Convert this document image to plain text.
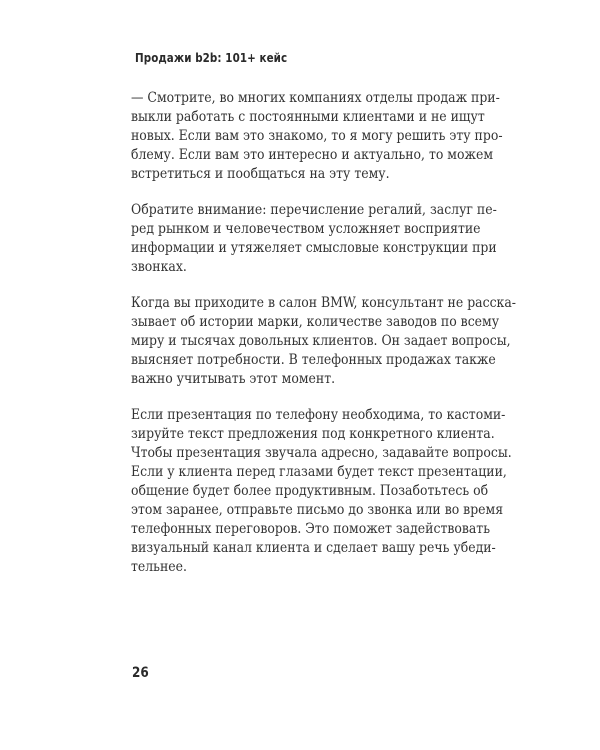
Продажи b2b: 101+ кейс

— Смотрите, во многих компаниях отделы продаж при-
выкли работать с постоянными клиентами и не ищут
новых. Если вам это знакомо, то я могу решить эту про-
блему. Если вам это интересно и актуально, то можем
встретиться и пообщаться на эту тему.

Обратите внимание: перечисление регалий, заслуг пе-
ред рынком и человечеством усложняет восприятие
информации и утяжеляет смысловые конструкции при
звонках.

Когда вы приходите в салон BMW, консультант не расска-
зывает об истории марки, количестве заводов по всему
миру и тысячах довольных клиентов. Он задает вопросы,
выясняет потребности. В телефонных продажах также
важно учитывать этот момент.

Если презентация по телефону необходима, то кастоми-
зируйте текст предложения под конкретного клиента.
Чтобы презентация звучала адресно, задавайте вопросы.
Если у клиента перед глазами будет текст презентации,
общение будет более продуктивным. Позаботьтесь об
этом заранее, отправьте письмо до звонка или во время
телефонных переговоров. Это поможет задействовать
визуальный канал клиента и сделает вашу речь убеди-
тельнее.

26
